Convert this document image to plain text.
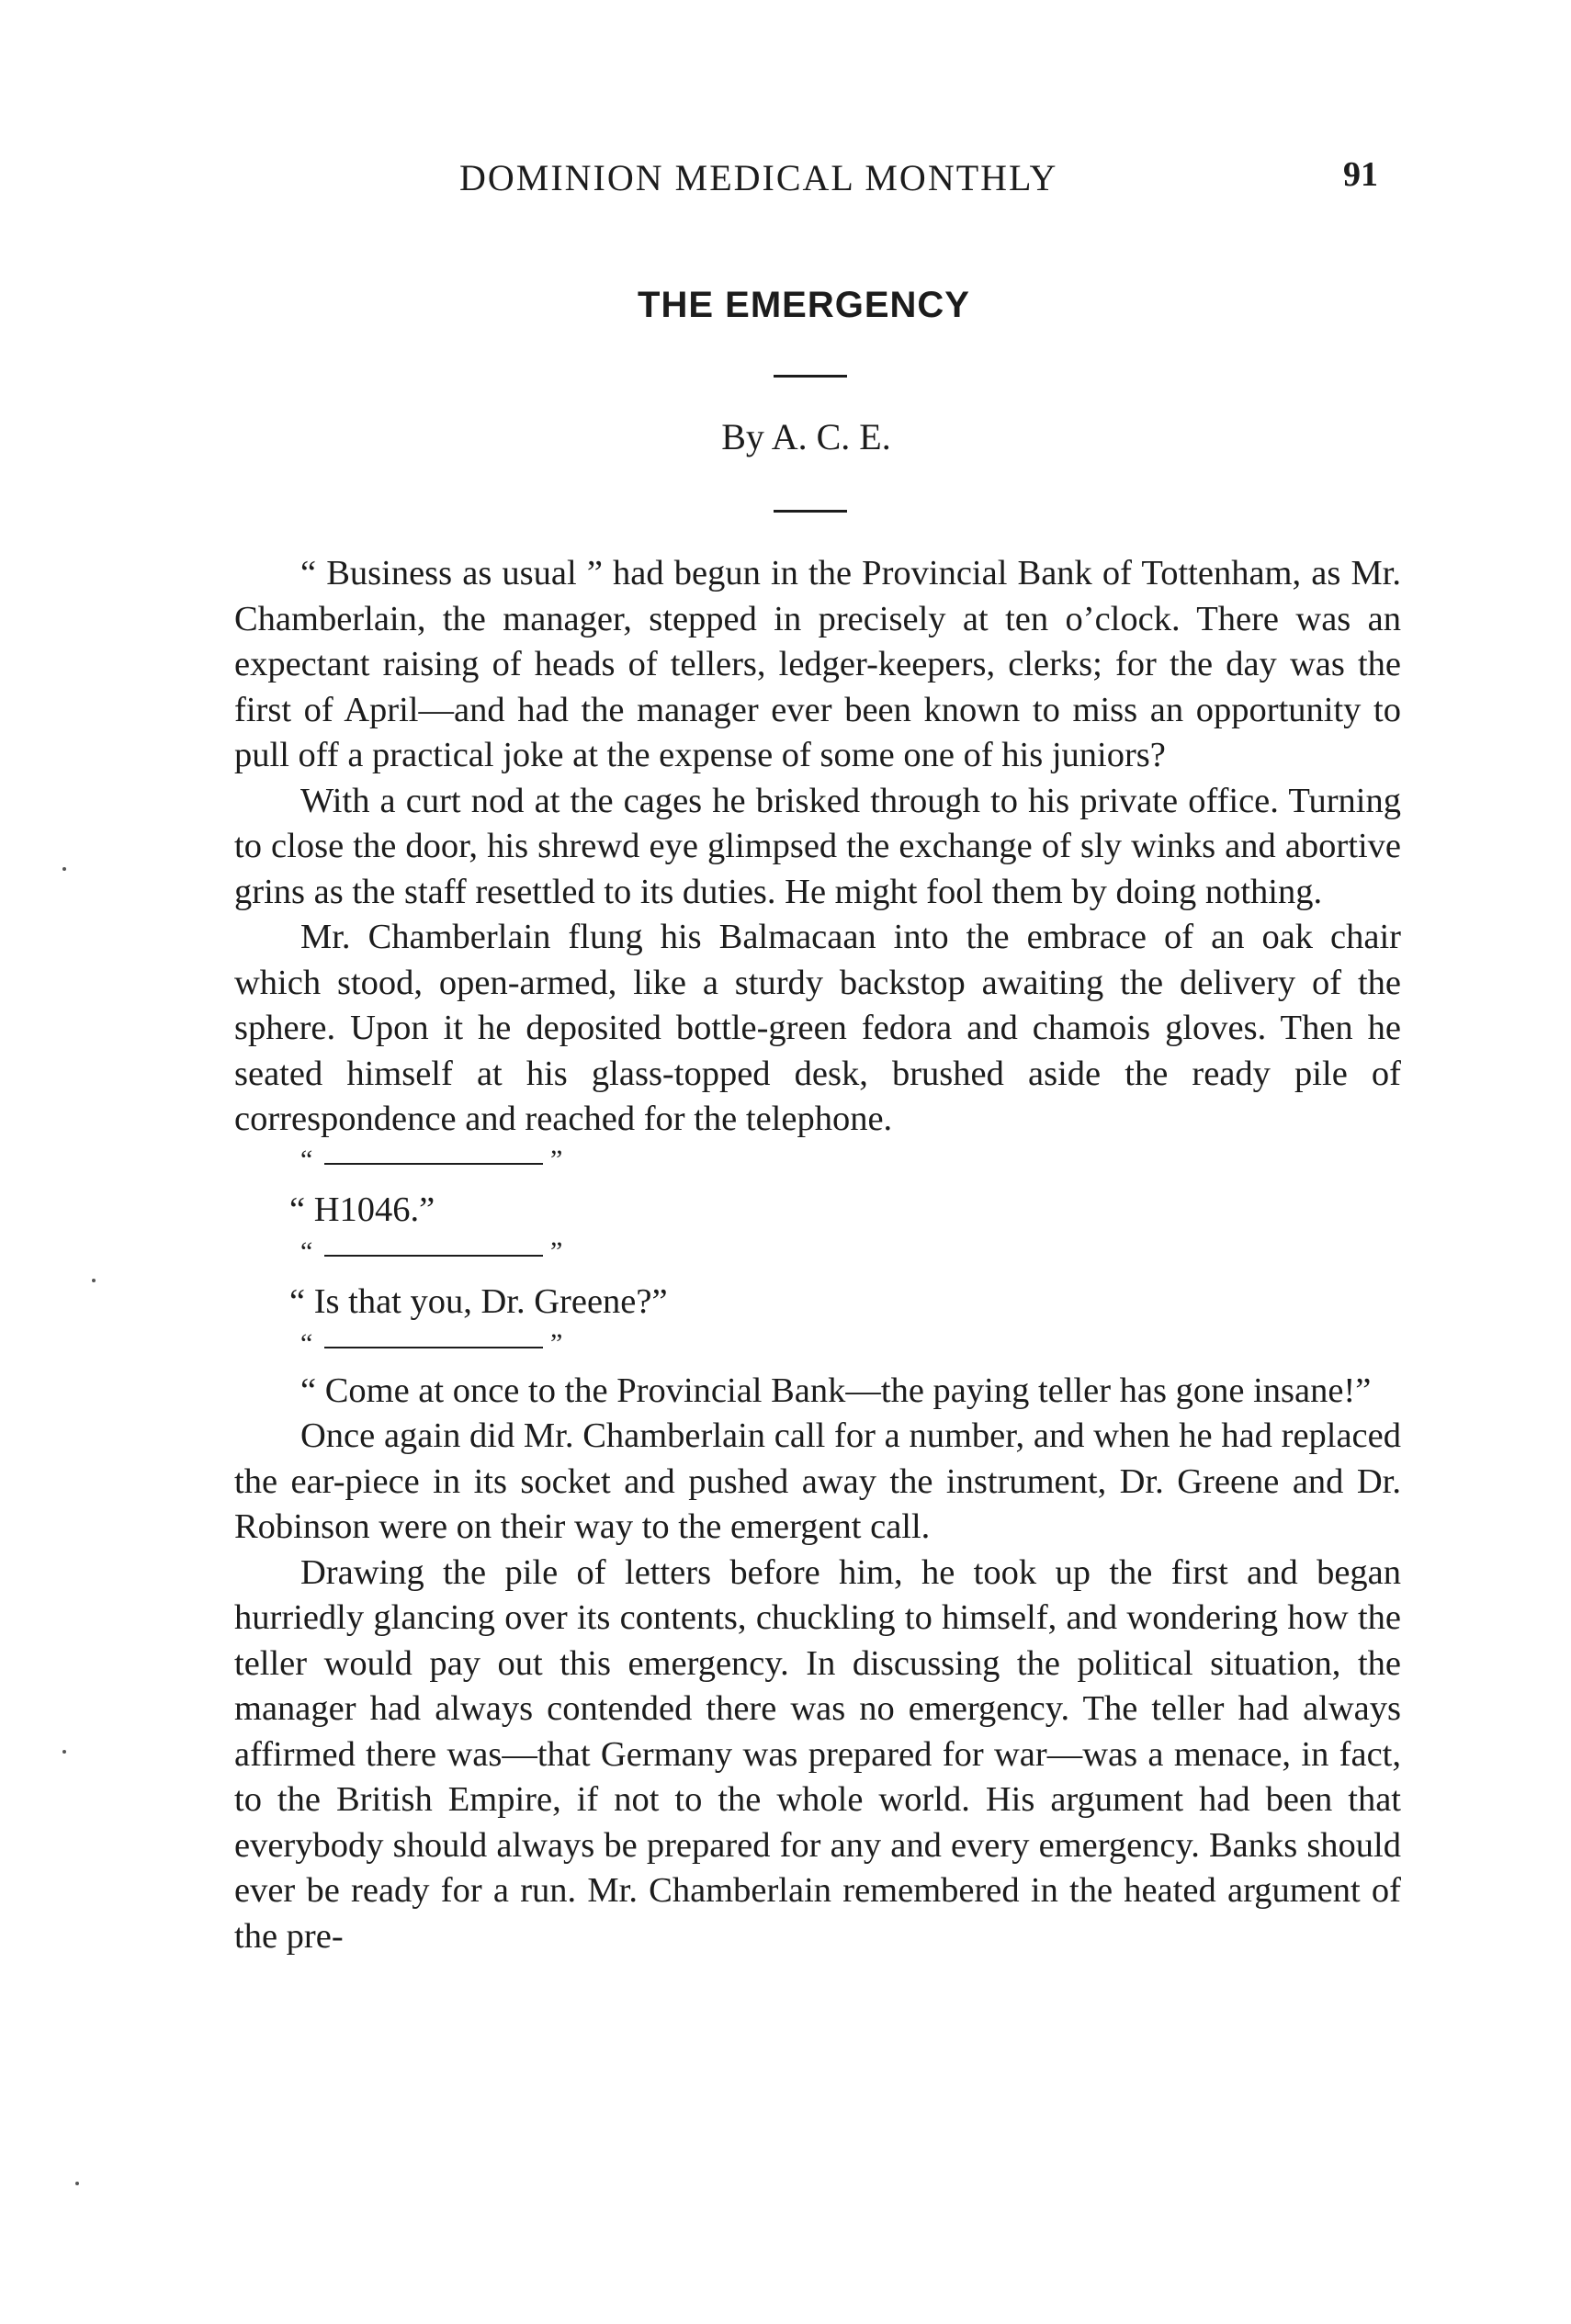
DOMINION MEDICAL MONTHLY	91
THE EMERGENCY
By A. C. E.

“ Business as usual ” had begun in the Provincial Bank of Tottenham, as Mr. Chamberlain, the manager, stepped in precisely at ten o’clock. There was an expectant raising of heads of tellers, ledger-keepers, clerks; for the day was the first of April—and had the manager ever been known to miss an opportunity to pull off a practical joke at the expense of some one of his juniors?

With a curt nod at the cages he brisked through to his private office. Turning to close the door, his shrewd eye glimpsed the exchange of sly winks and abortive grins as the staff resettled to its duties. He might fool them by doing nothing.

Mr. Chamberlain flung his Balmacaan into the embrace of an oak chair which stood, open-armed, like a sturdy backstop awaiting the delivery of the sphere. Upon it he deposited bottle-green fedora and chamois gloves. Then he seated himself at his glass-topped desk, brushed aside the ready pile of correspondence and reached for the telephone.

“	”
“ H1046.”
“	”
“ Is that you, Dr. Greene?”
“	”

“ Come at once to the Provincial Bank—the paying teller has gone insane!”

Once again did Mr. Chamberlain call for a number, and when he had replaced the ear-piece in its socket and pushed away the instrument, Dr. Greene and Dr. Robinson were on their way to the emergent call.

Drawing the pile of letters before him, he took up the first and began hurriedly glancing over its contents, chuckling to himself, and wondering how the teller would pay out this emergency. In discussing the political situation, the manager had always contended there was no emergency. The teller had always affirmed there was—that Germany was prepared for war—was a menace, in fact, to the British Empire, if not to the whole world. His argument had been that everybody should always be prepared for any and every emergency. Banks should ever be ready for a run. Mr. Chamberlain remembered in the heated argument of the pre-
